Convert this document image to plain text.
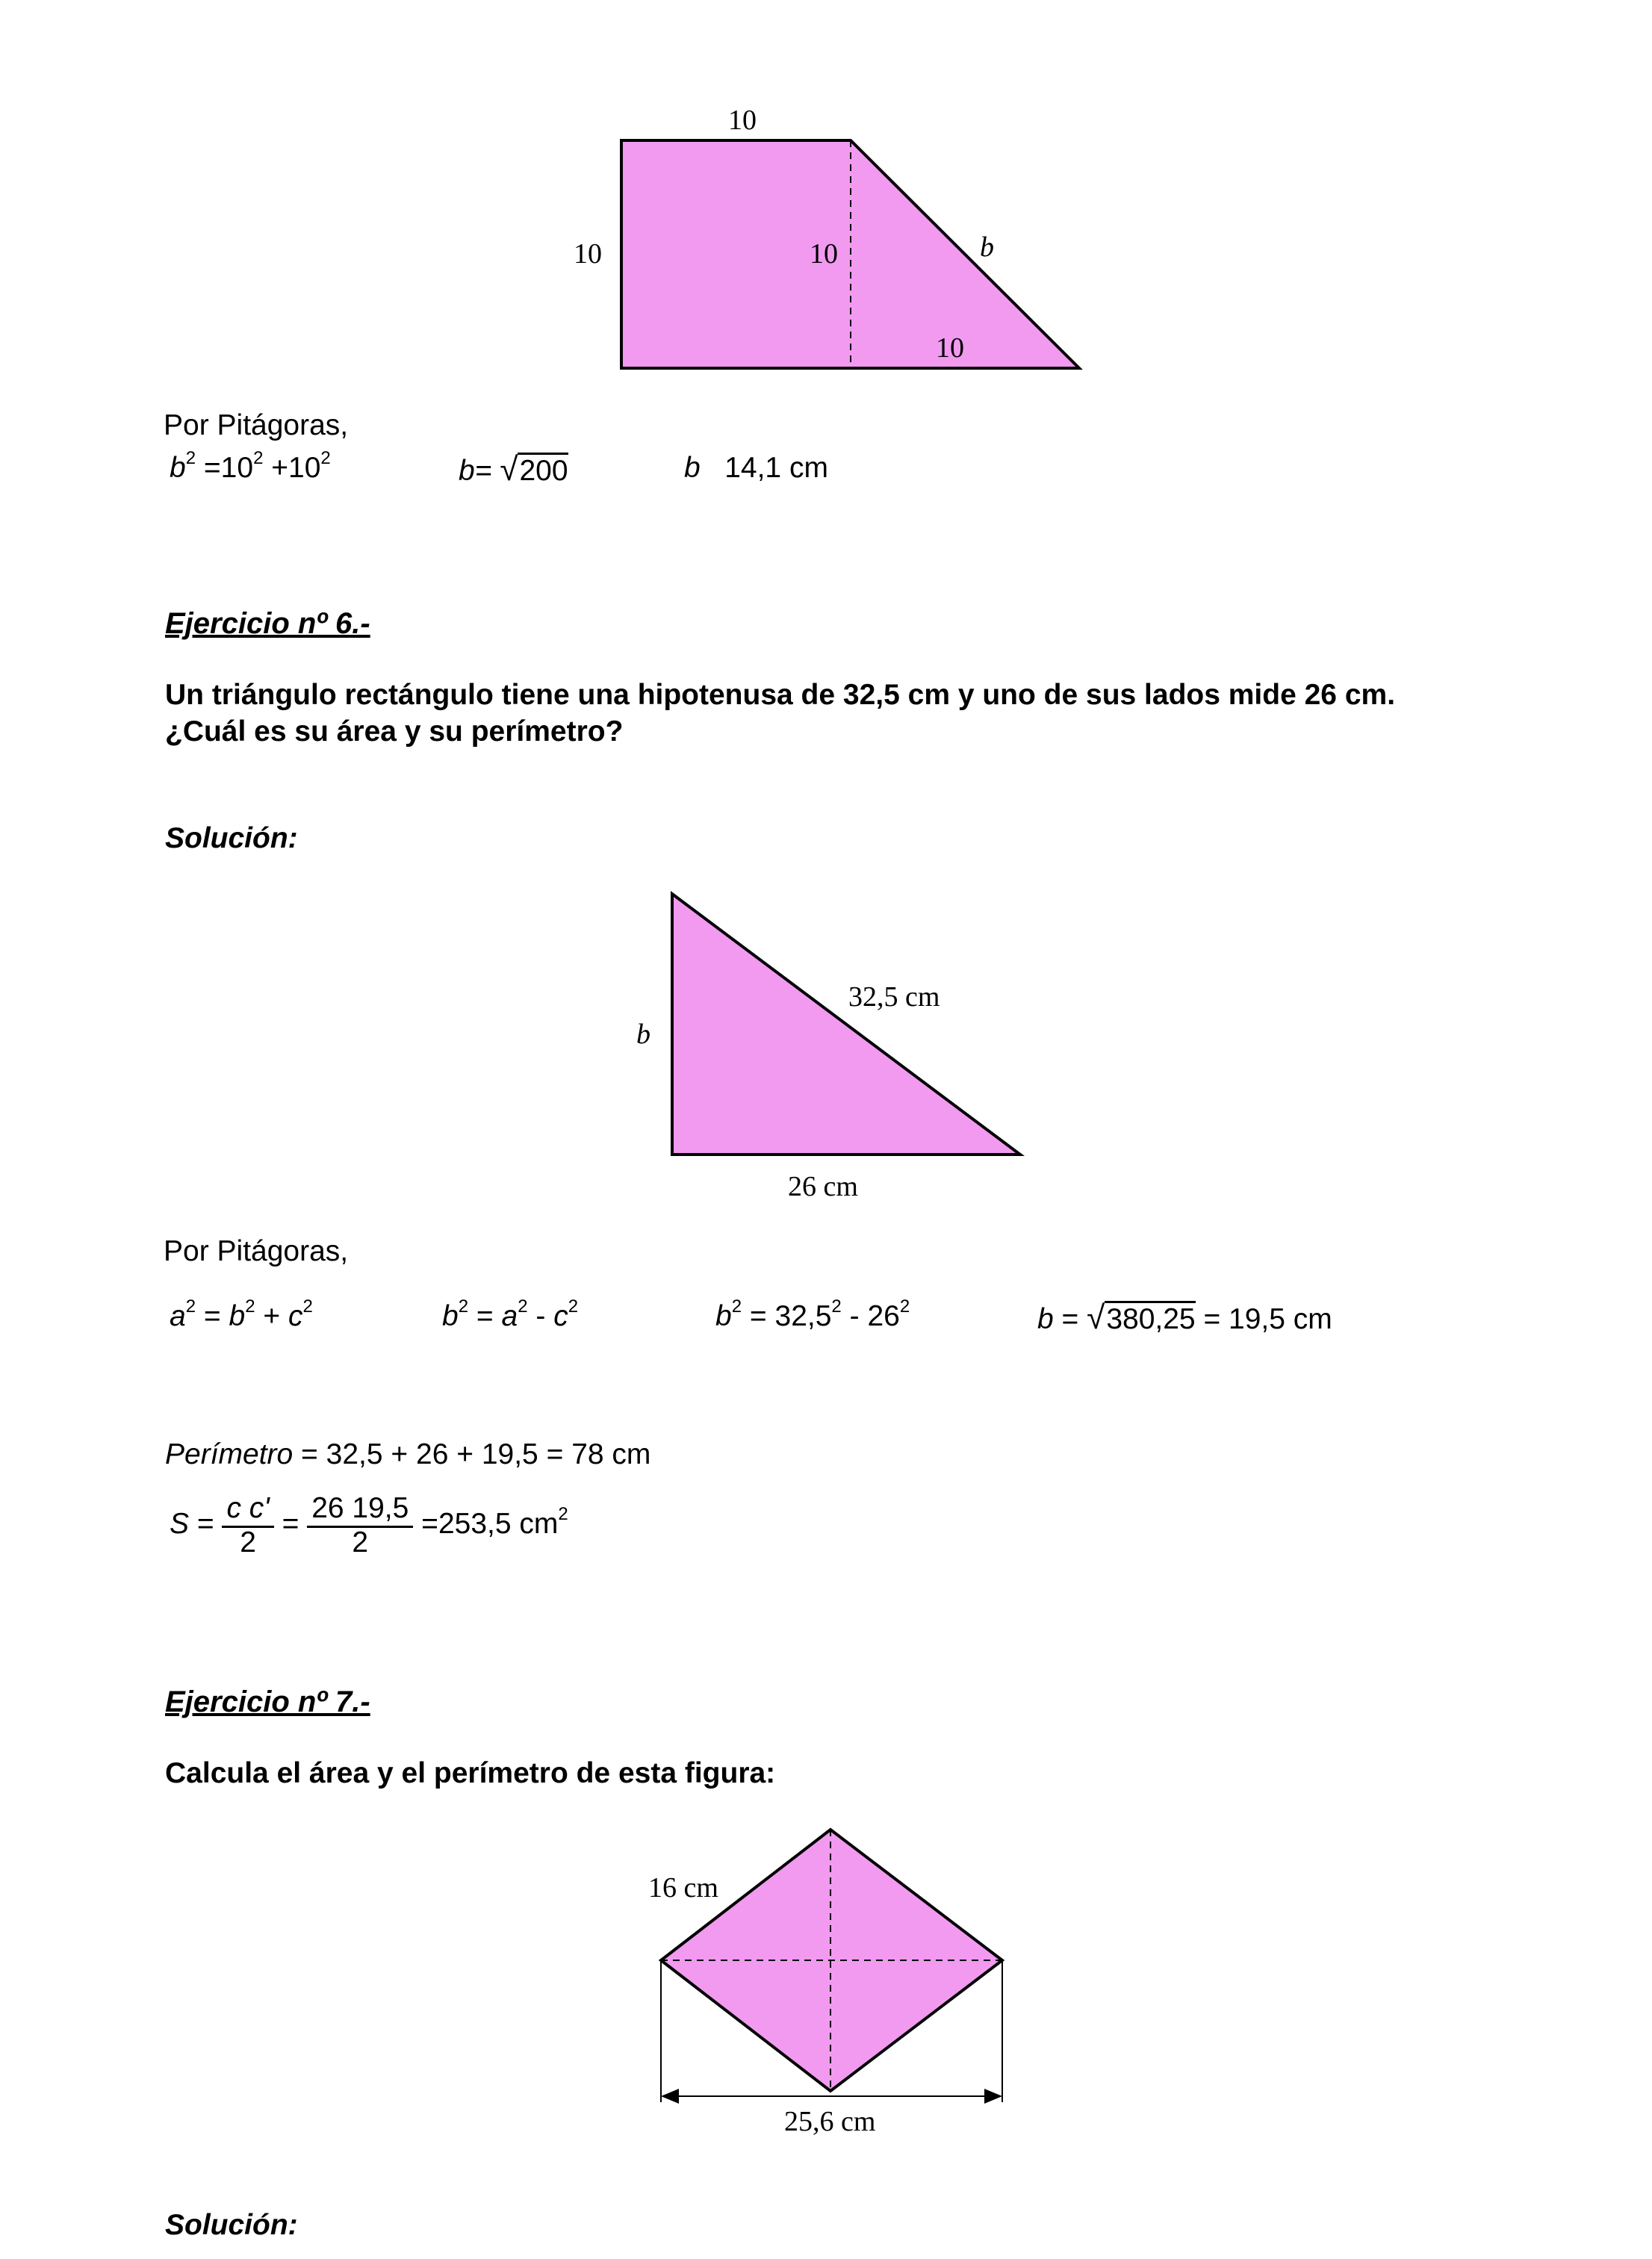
10
10	10	b
10
32,5 cm
b
26 cm
16 cm
25,6 cm
Por Pitágoras,
$b^2 =10^2 +10^2$	b= √200	b 14,1 cm
Ejercicio nº 6.-
Un triángulo rectángulo tiene una hipotenusa de 32,5 cm y uno de sus lados mide 26 cm.
¿Cuál es su área y su perímetro?
Solución:
Por Pitágoras,
$a^2 = b^2 + c^2$	$b^2 = a^2 - c^2$	$b^2 = 32,5^2 - 26^2$	b = √380,25 = 19,5 cm
Perímetro = 32,5 + 26 + 19,5 = 78 cm
$S = \frac{\text{c c'}}{2} = \frac{26 19,5}{2} =253,5$ $cm^2$
Ejercicio nº 7.-
Calcula el área y el perímetro de esta figura:
Solución:
